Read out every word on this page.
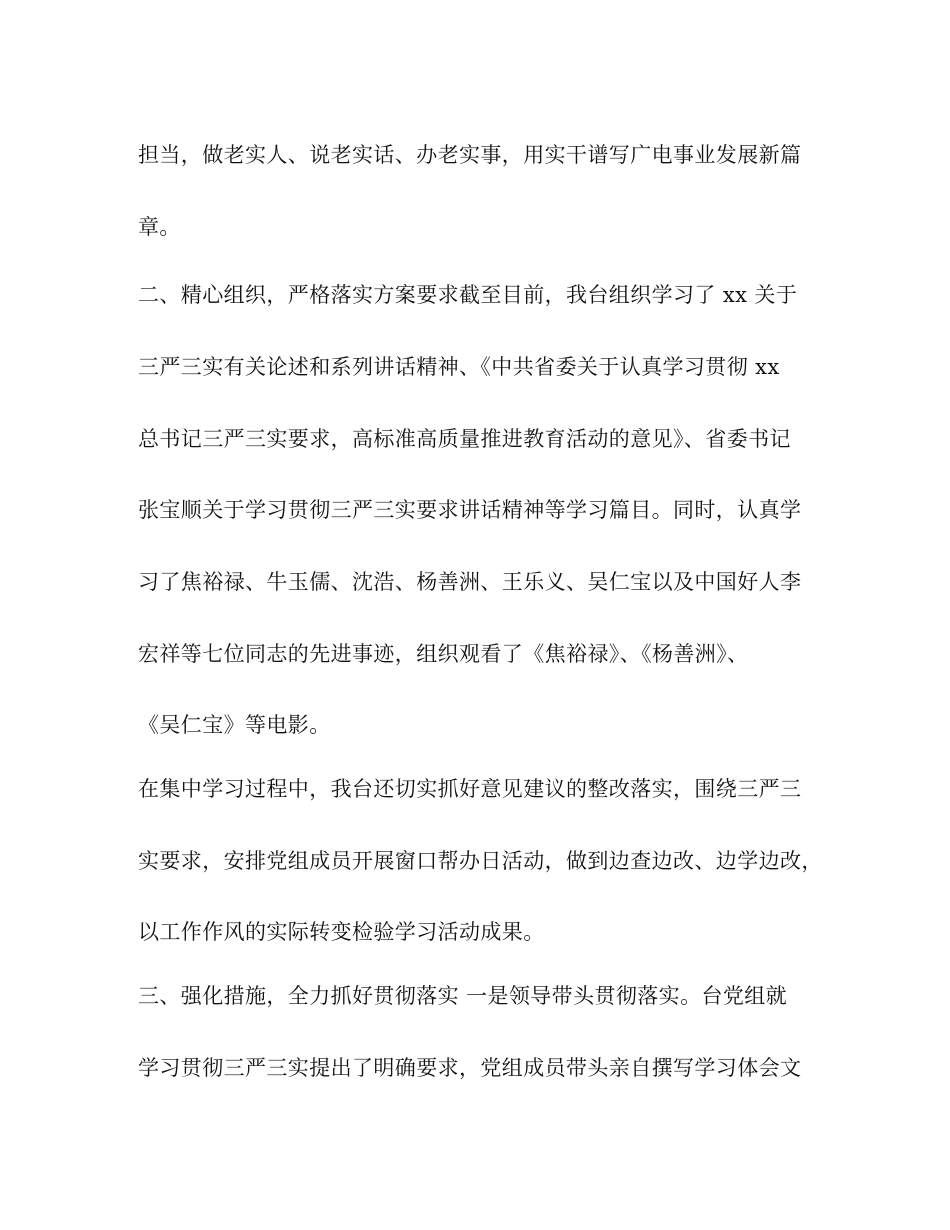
担当，做老实人、说老实话、办老实事，用实干谱写广电事业发展新篇
章。
二、精心组织，严格落实方案要求截至目前，我台组织学习了 xx 关于
三严三实有关论述和系列讲话精神、《中共省委关于认真学习贯彻 xx
总书记三严三实要求，高标准高质量推进教育活动的意见》、省委书记
张宝顺关于学习贯彻三严三实要求讲话精神等学习篇目。同时，认真学
习了焦裕禄、牛玉儒、沈浩、杨善洲、王乐义、吴仁宝以及中国好人李
宏祥等七位同志的先进事迹，组织观看了《焦裕禄》、《杨善洲》、
《吴仁宝》等电影。
在集中学习过程中，我台还切实抓好意见建议的整改落实，围绕三严三
实要求，安排党组成员开展窗口帮办日活动，做到边查边改、边学边改，
以工作作风的实际转变检验学习活动成果。
三、强化措施，全力抓好贯彻落实 一是领导带头贯彻落实。台党组就
学习贯彻三严三实提出了明确要求，党组成员带头亲自撰写学习体会文
